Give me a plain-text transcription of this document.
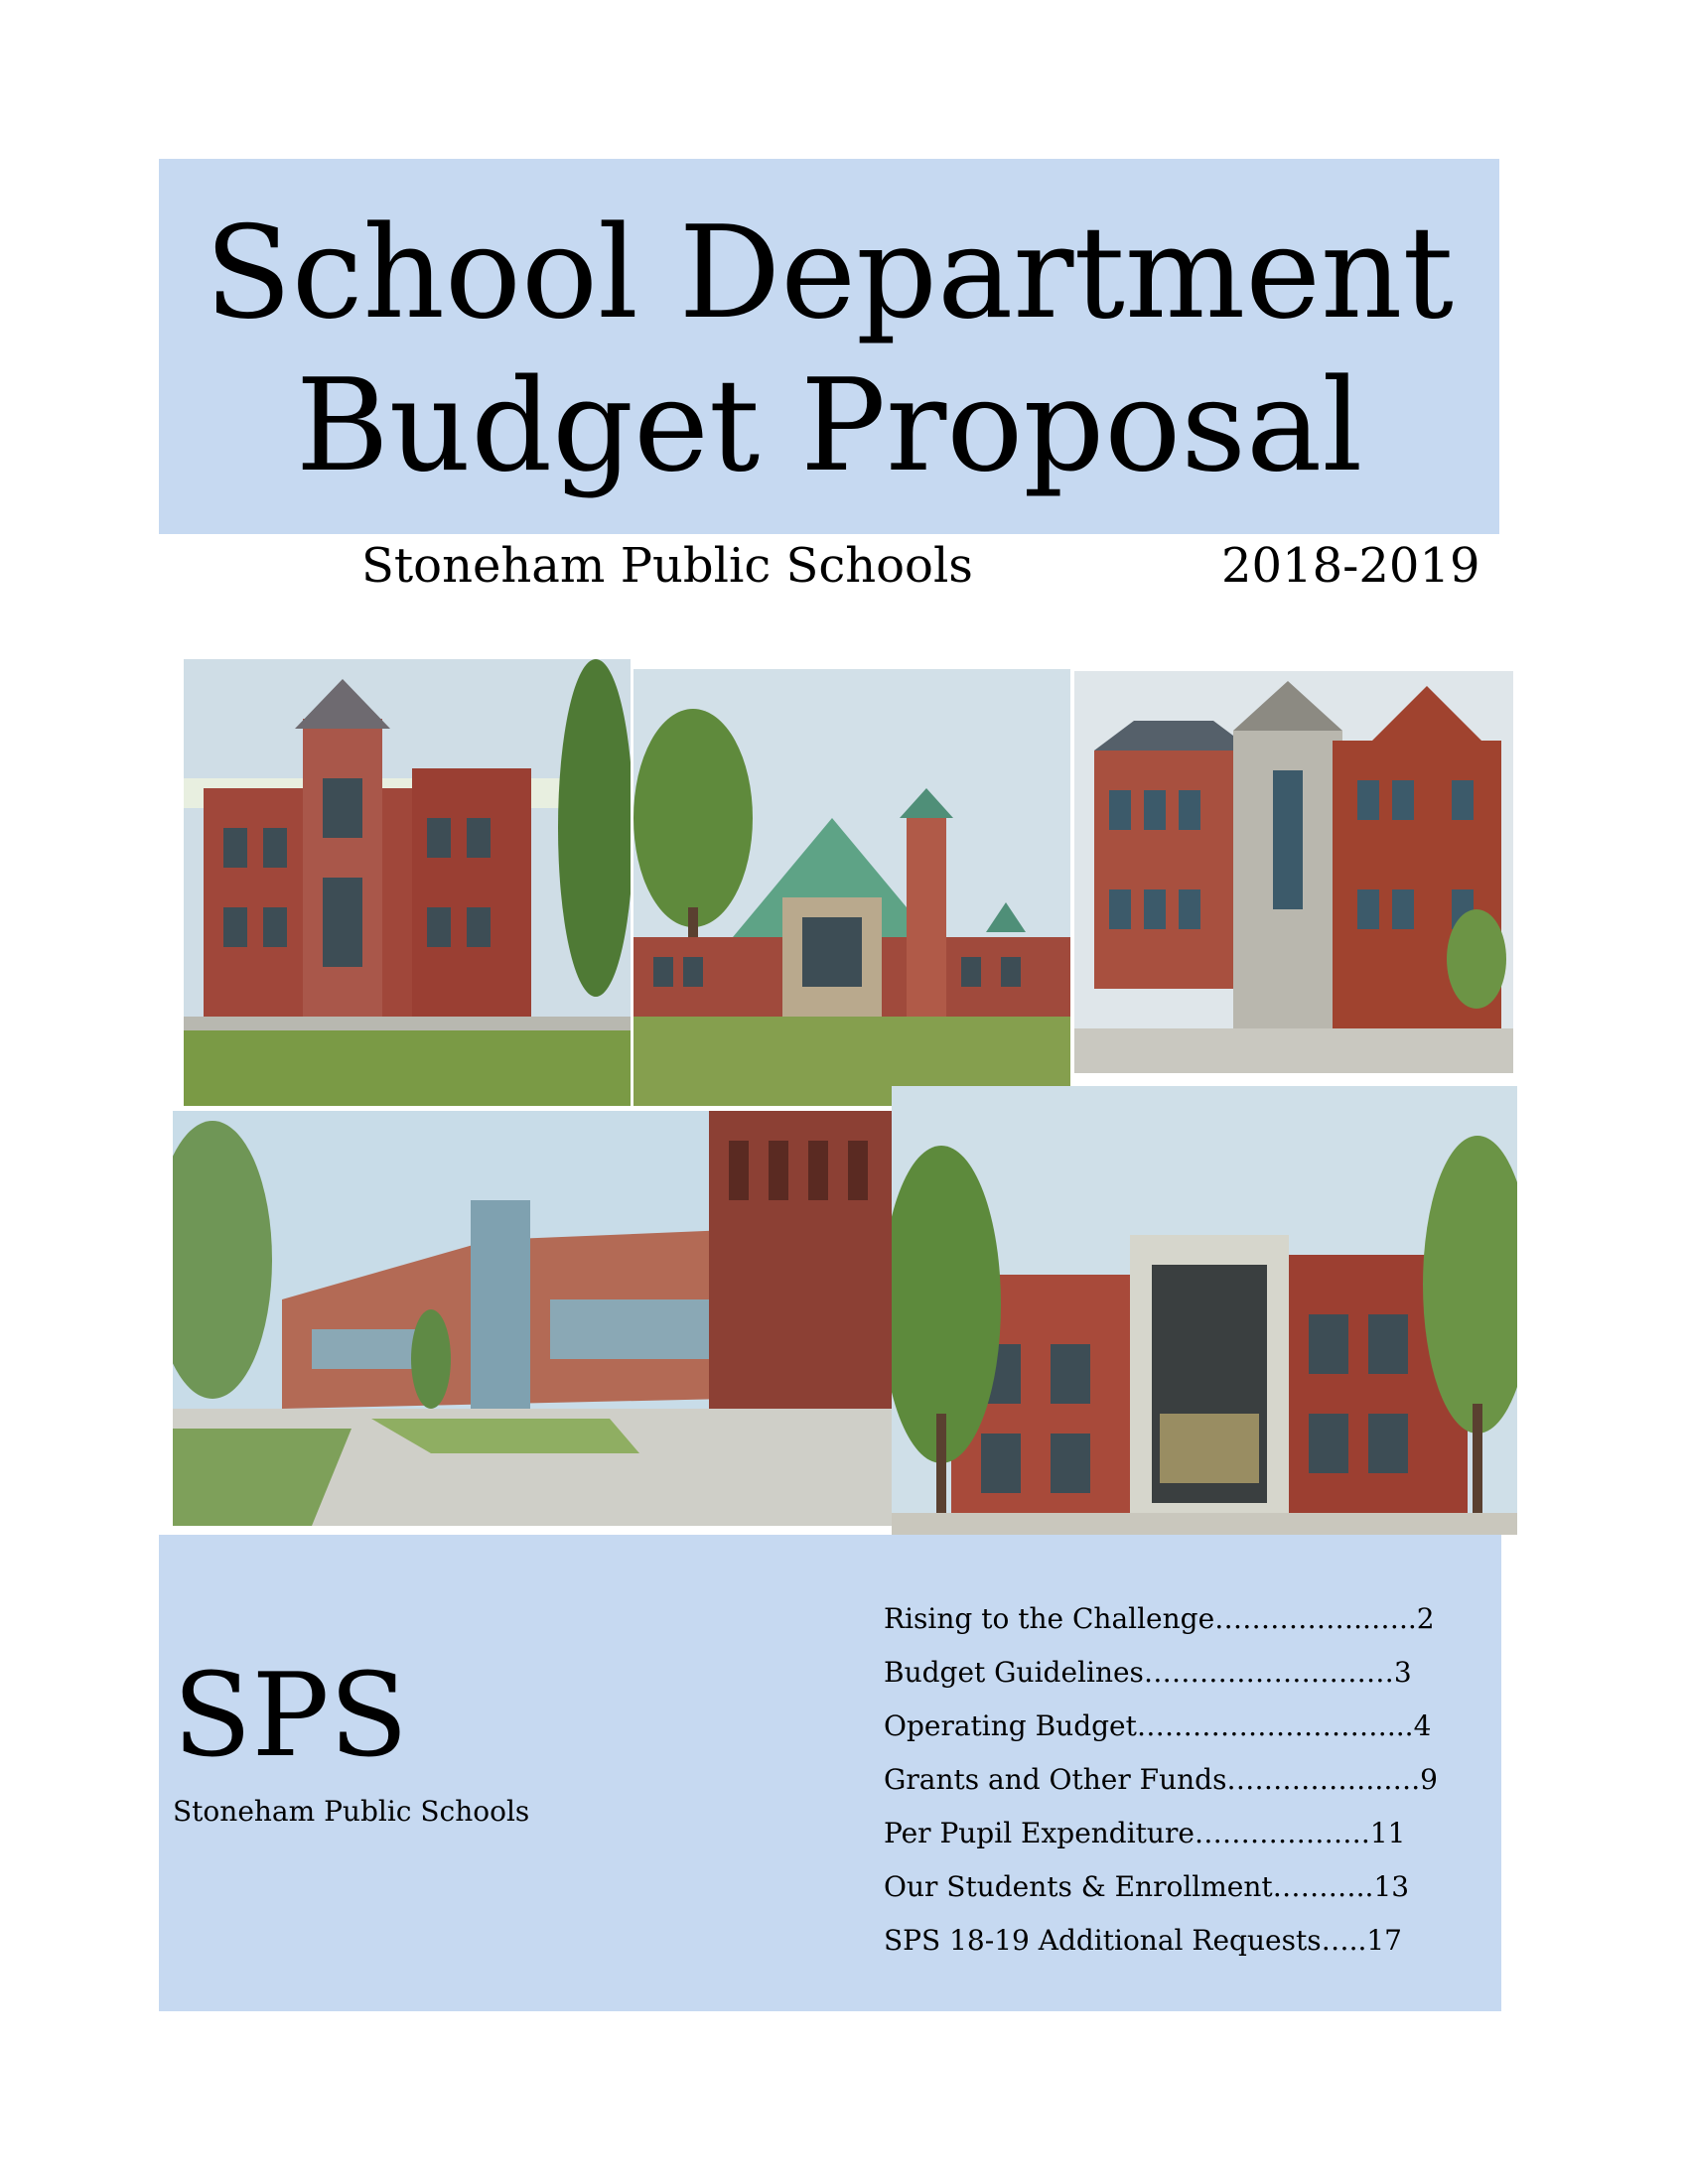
School Department
Budget Proposal
Stoneham Public Schools	2018-2019
SPS
Stoneham Public Schools
Rising to the Challenge……………..…..2
Budget Guidelines………………………3
Operating Budget………………………...4
Grants and Other Funds……………..….9
Per Pupil Expenditure……………….11
Our Students & Enrollment………..13
SPS 18-19 Additional Requests…..17
